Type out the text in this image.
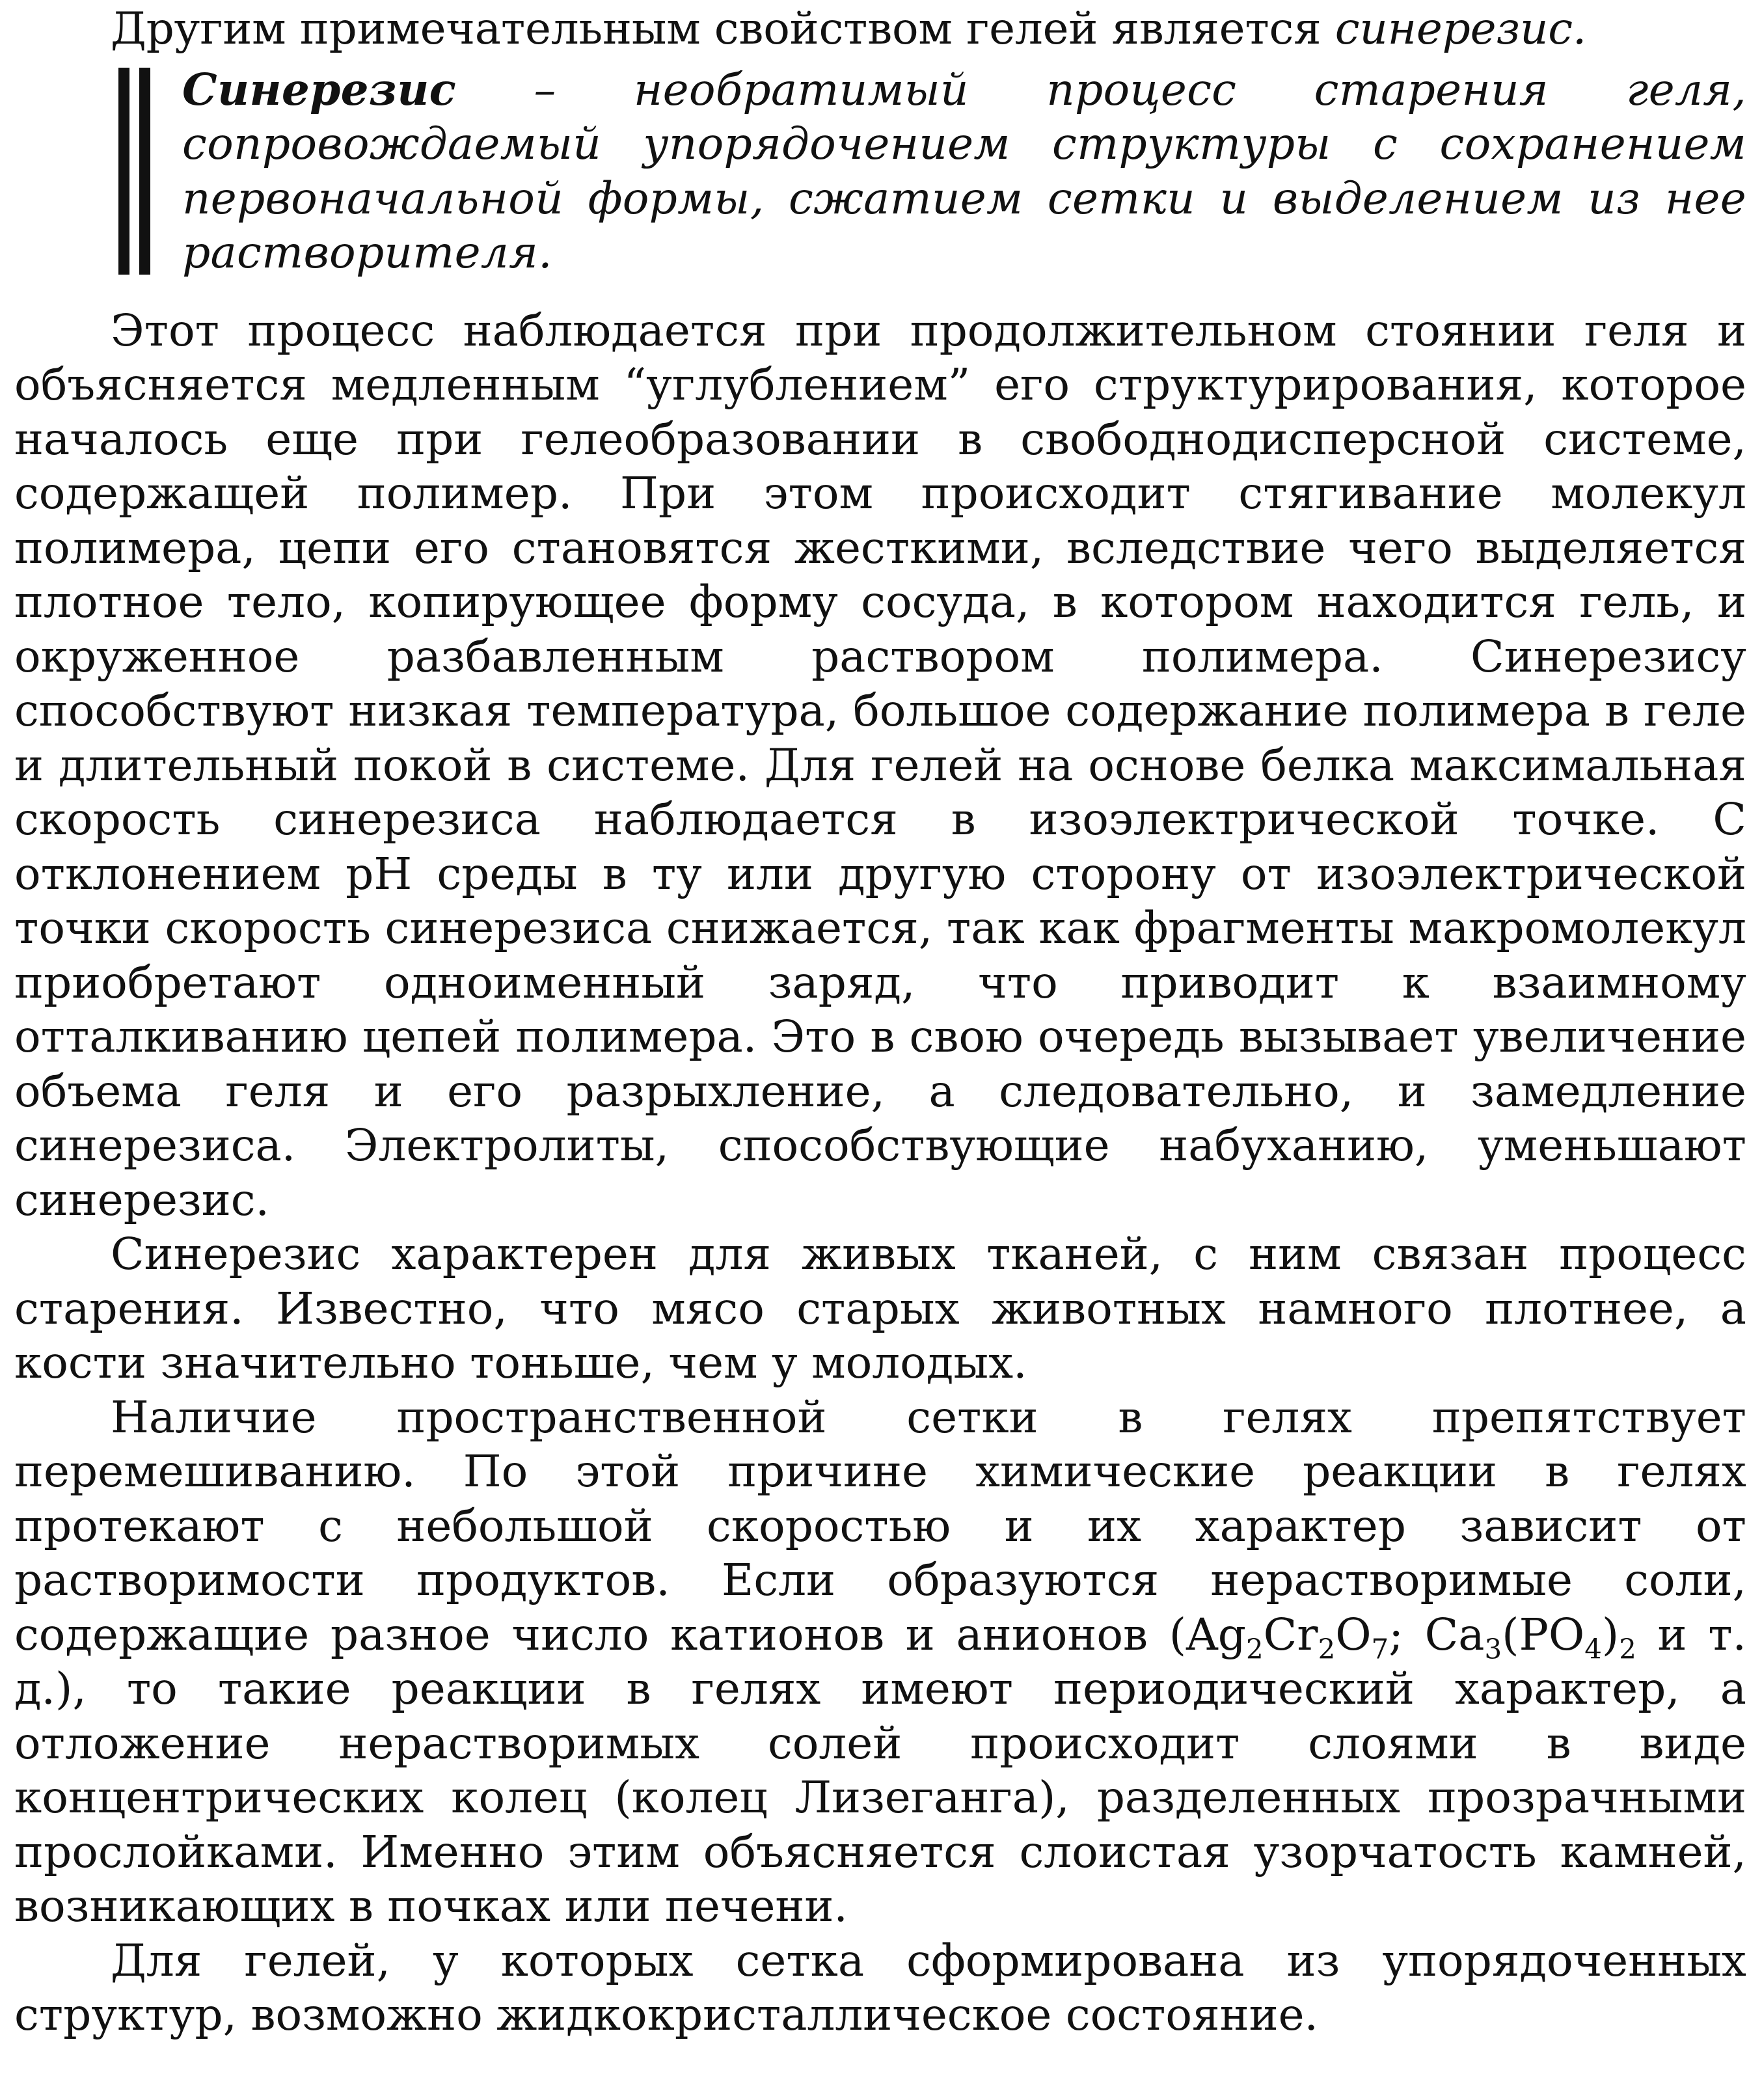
Другим примечательным свойством гелей является синерезис.

Синерезис – необратимый процесс старения геля, сопровождаемый упорядочением структуры с сохранением первоначальной формы, сжатием сетки и выделением из нее растворителя.

Этот процесс наблюдается при продолжительном стоянии геля и объясняется медленным “углублением” его структурирования, которое началось еще при гелеобразовании в свободнодисперсной системе, содержащей полимер. При этом происходит стягивание молекул полимера, цепи его становятся жесткими, вследствие чего выделяется плотное тело, копирующее форму сосуда, в котором находится гель, и окруженное разбавленным раствором полимера. Синерезису способствуют низкая температура, большое содержание полимера в геле и длительный покой в системе. Для гелей на основе белка максимальная скорость синерезиса наблюдается в изоэлектрической точке. С отклонением pH среды в ту или другую сторону от изоэлектрической точки скорость синерезиса снижается, так как фрагменты макромолекул приобретают одноименный заряд, что приводит к взаимному отталкиванию цепей полимера. Это в свою очередь вызывает увеличение объема геля и его разрыхление, а следовательно, и замедление синерезиса. Электролиты, способствующие набуханию, уменьшают синерезис.

Синерезис характерен для живых тканей, с ним связан процесс старения. Известно, что мясо старых животных намного плотнее, а кости значительно тоньше, чем у молодых.

Наличие пространственной сетки в гелях препятствует перемешиванию. По этой причине химические реакции в гелях протекают с небольшой скоростью и их характер зависит от растворимости продуктов. Если образуются нерастворимые соли, содержащие разное число катионов и анионов ($Ag_2Cr_2O_7$; $Ca_3(PO_4)_2$ и т. д.), то такие реакции в гелях имеют периодический характер, а отложение нерастворимых солей происходит слоями в виде концентрических колец (колец Лизеганга), разделенных прозрачными прослойками. Именно этим объясняется слоистая узорчатость камней, возникающих в почках или печени.

Для гелей, у которых сетка сформирована из упорядоченных структур, возможно жидкокристаллическое состояние.
